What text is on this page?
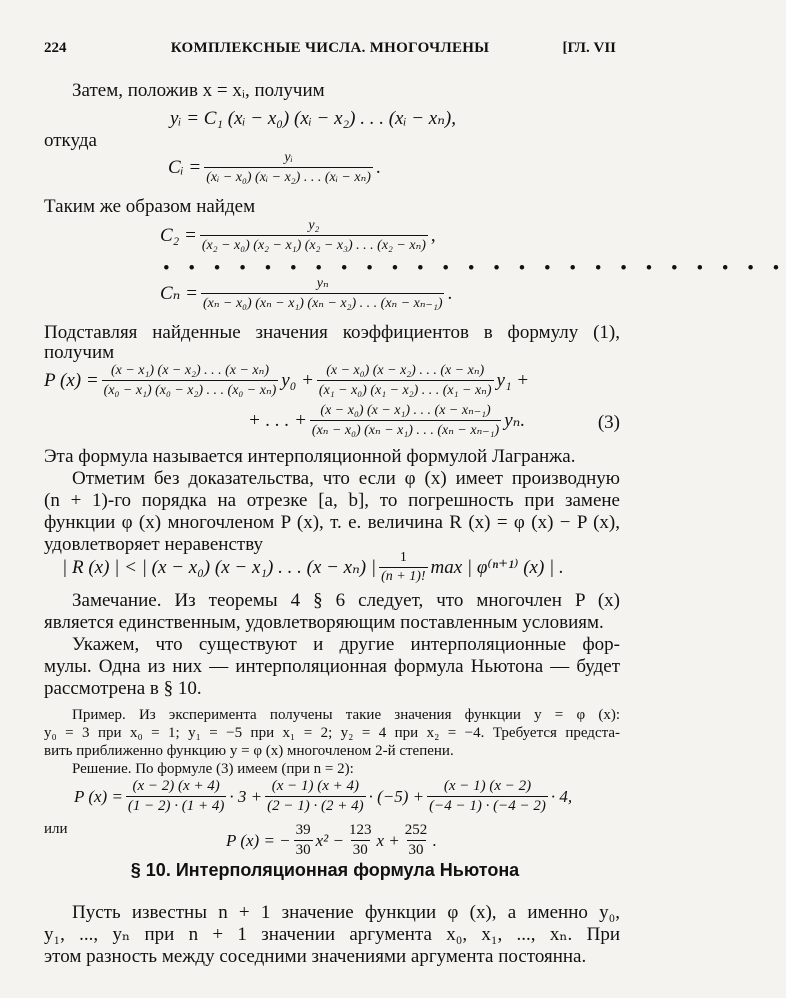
224	КОМПЛЕКСНЫЕ ЧИСЛА. МНОГОЧЛЕНЫ	[ГЛ. VII
Затем, положив x = xᵢ, получим
yᵢ = C₁ (xᵢ − x₀) (xᵢ − x₂) . . . (xᵢ − xₙ),
откуда
Cᵢ = $\frac{\text{yᵢ}}{\text{(xᵢ − x₀) (xᵢ − x₂) . . . (xᵢ − xₙ)}}$ .
Таким же образом найдем
$C_2 = \frac{\text{y₂}}{\text{(x₂ − x₀) (x₂ − x₁) (x₂ − x₃) . . . (x₂ − xₙ)}}$ ,
• • • • • • • • • • • • • • • • • • • • • • • • •
$C_n = \frac{\text{yₙ}}{\text{(xₙ − x₀) (xₙ − x₁) (xₙ − x₂) . . . (xₙ − xₙ₋₁)}}$ .
Подставляя найденные значения коэффициентов в формулу (1),
получим
P $(x) = \frac{\text{(x − x₁) (x − x₂) . . . (x − xₙ)}}{\text{(x₀ − x₁) (x₀ − x₂) . . . (x₀ − xₙ)}} y_0 + \frac{\text{(x − x₀) (x − x₂) . . . (x − xₙ)}}{\text{(x₁ − x₀) (x₁ − x₂) . . . (x₁ − xₙ)}} y_1$ +
+ . . . + $\frac{\text{(x − x₀) (x − x₁) . . . (x − xₙ₋₁)}}{\text{(xₙ − x₀) (xₙ − x₁) . . . (xₙ − xₙ₋₁)}} y_n$.	(3)
Эта формула называется интерполяционной формулой Лагранжа.
Отметим без доказательства, что если φ (x) имеет производную
(n + 1)-го порядка на отрезке [a, b], то погрешность при замене
функции φ (x) многочленом P (x), т. е. величина R (x) = φ (x) − P (x),
удовлетворяет неравенству
| R (x) | < | (x − x₀) (x − x₁) . . . (x − xₙ) | $\frac{1}{(n + 1)!}$ max | φ⁽ⁿ⁺¹⁾ (x) | .
Замечание. Из теоремы 4 § 6 следует, что многочлен P (x)
является единственным, удовлетворяющим поставленным условиям.
Укажем, что существуют и другие интерполяционные фор-
мулы. Одна из них — интерполяционная формула Ньютона — будет
рассмотрена в § 10.
Пример. Из эксперимента получены такие значения функции y = φ (x):
y₀ = 3 при x₀ = 1; y₁ = −5 при x₁ = 2; y₂ = 4 при x₂ = −4. Требуется предста-
вить приближенно функцию y = φ (x) многочленом 2-й степени.
Решение. По формуле (3) имеем (при n = 2):
P $(x) = \frac{(x - 2) (x + 4)}{(1 - 2) \cdot (1 + 4)} \cdot 3 + \frac{(x - 1) (x + 4)}{(2 - 1) \cdot (2 + 4)} \cdot (-5) + \frac{(x - 1) (x - 2)}{(-4 - 1) \cdot (-4 - 2)} \cdot 4$,
или
P (x) = − $\frac{39}{30} x^2 - \frac{123}{30}$ $x + \frac{252}{30}$ .
§ 10. Интерполяционная формула Ньютона
Пусть известны n + 1 значение функции φ (x), а именно y₀,
y₁, ..., yₙ при n + 1 значении аргумента x₀, x₁, ..., xₙ. При
этом разность между соседними значениями аргумента постоянна.
